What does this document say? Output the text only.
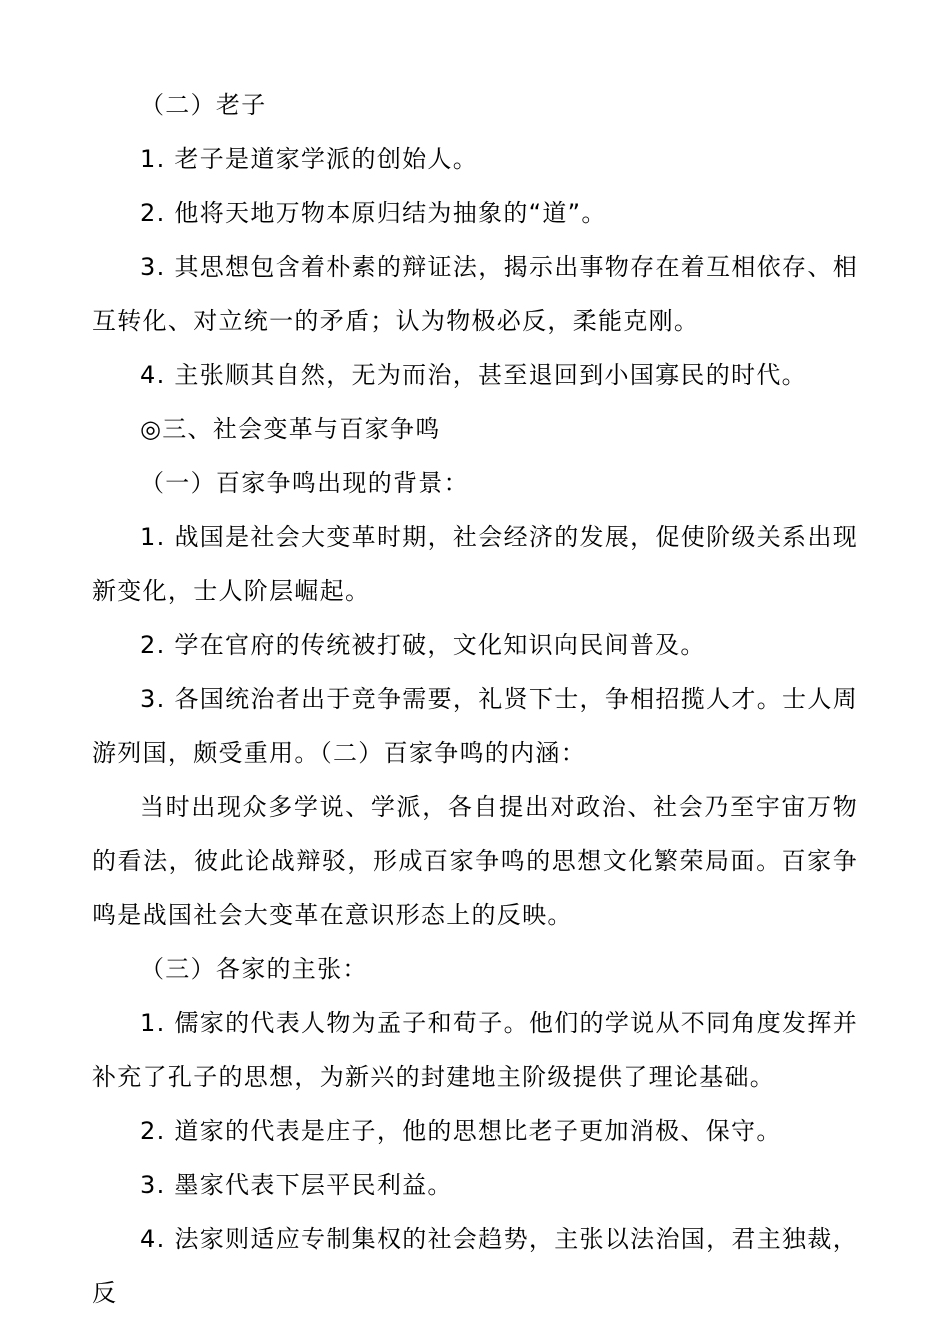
（二）老子

1. 老子是道家学派的创始人。

2. 他将天地万物本原归结为抽象的“道”。

3. 其思想包含着朴素的辩证法，揭示出事物存在着互相依存、相互转化、对立统一的矛盾；认为物极必反，柔能克刚。

4. 主张顺其自然，无为而治，甚至退回到小国寡民的时代。

◎三、社会变革与百家争鸣

（一）百家争鸣出现的背景：

1. 战国是社会大变革时期，社会经济的发展，促使阶级关系出现新变化，士人阶层崛起。

2. 学在官府的传统被打破，文化知识向民间普及。

3. 各国统治者出于竞争需要，礼贤下士，争相招揽人才。士人周游列国，颇受重用。（二）百家争鸣的内涵：

当时出现众多学说、学派，各自提出对政治、社会乃至宇宙万物的看法，彼此论战辩驳，形成百家争鸣的思想文化繁荣局面。百家争鸣是战国社会大变革在意识形态上的反映。

（三）各家的主张：

1. 儒家的代表人物为孟子和荀子。他们的学说从不同角度发挥并补充了孔子的思想，为新兴的封建地主阶级提供了理论基础。

2. 道家的代表是庄子，他的思想比老子更加消极、保守。

3. 墨家代表下层平民利益。

4. 法家则适应专制集权的社会趋势，主张以法治国，君主独裁，反
